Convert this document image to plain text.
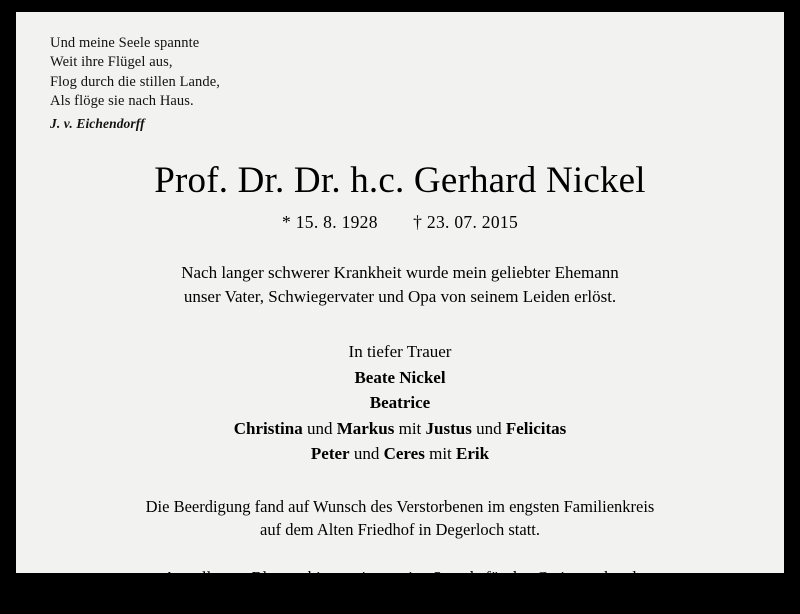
Und meine Seele spannte
Weit ihre Flügel aus,
Flog durch die stillen Lande,
Als flöge sie nach Haus.
J. v. Eichendorff
Prof. Dr. Dr. h.c. Gerhard Nickel
* 15. 8. 1928 † 23. 07. 2015
Nach langer schwerer Krankheit wurde mein geliebter Ehemann
unser Vater, Schwiegervater und Opa von seinem Leiden erlöst.
In tiefer Trauer
Beate Nickel
Beatrice
Christina und Markus mit Justus und Felicitas
Peter und Ceres mit Erik
Die Beerdigung fand auf Wunsch des Verstorbenen im engsten Familienkreis
auf dem Alten Friedhof in Degerloch statt.
Anstelle von Blumen bitten wir um eine Spende für den Caritasverband
für Stuttgart e.V., Liga Bank eG, IBAN DE44 7509 0300 0000 0001 08.
